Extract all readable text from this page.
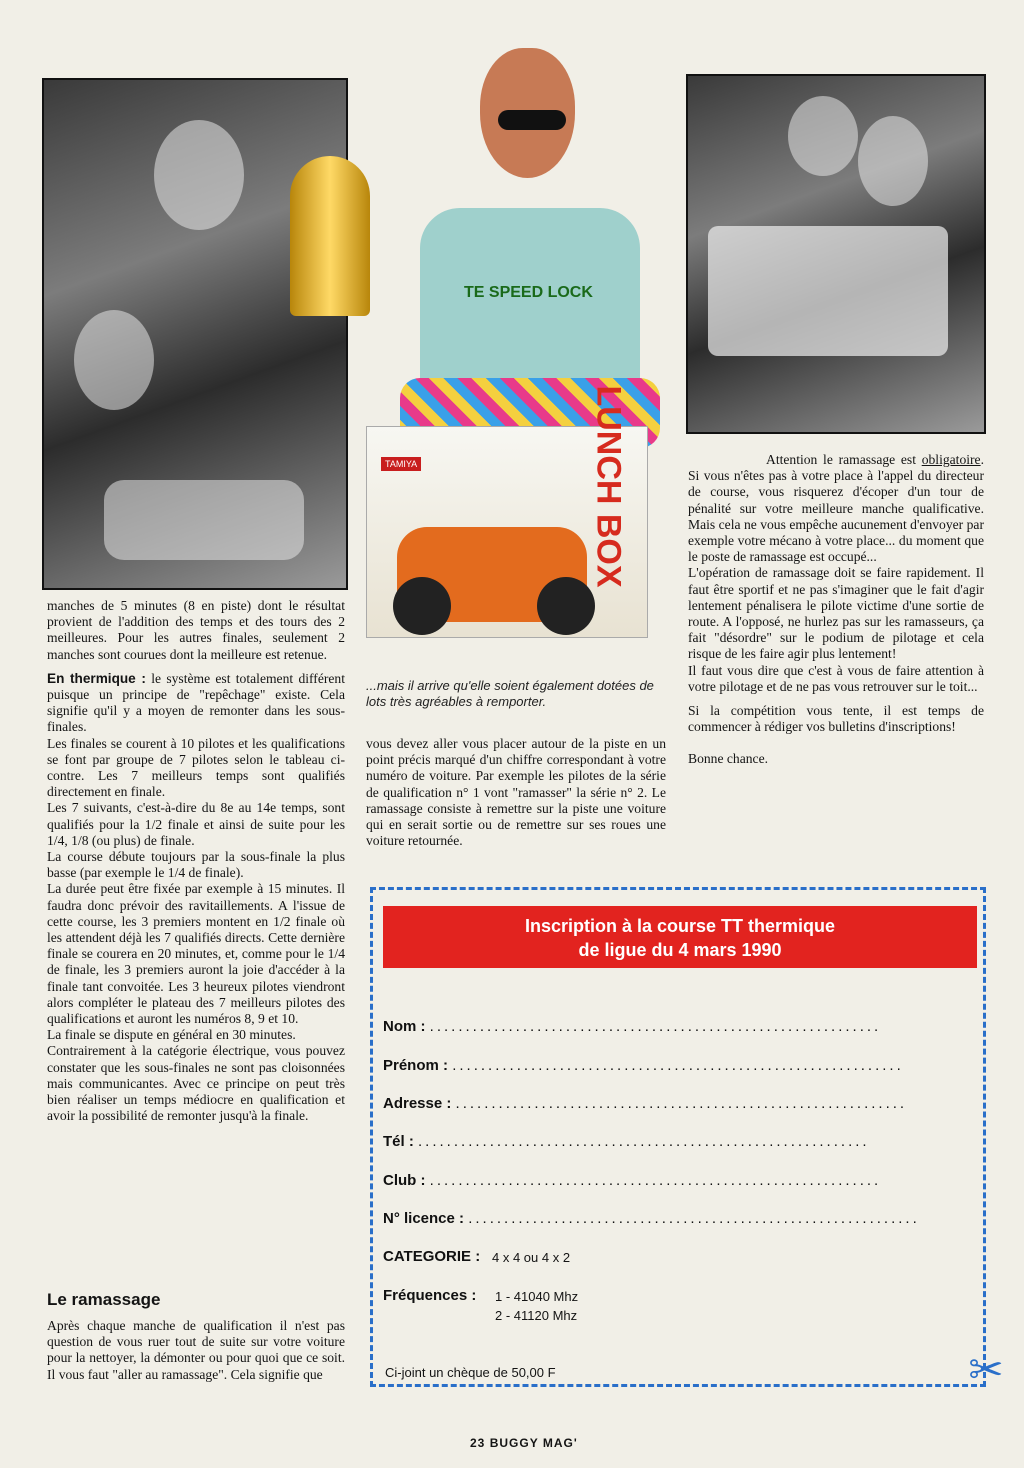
TE SPEED LOCK
TAMIYA	LUNCH BOX
...mais il arrive qu'elle soient également dotées de lots très agréables à remporter.

manches de 5 minutes (8 en piste) dont le résultat provient de l'addition des temps et des tours des 2 meilleures. Pour les autres finales, seulement 2 manches sont courues dont la meilleure est retenue.

En thermique : le système est totalement différent puisque un principe de "repêchage" existe. Cela signifie qu'il y a moyen de remonter dans les sous-finales.

Les finales se courent à 10 pilotes et les qualifications se font par groupe de 7 pilotes selon le tableau ci-contre. Les 7 meilleurs temps sont qualifiés directement en finale.

Les 7 suivants, c'est-à-dire du 8e au 14e temps, sont qualifiés pour la 1/2 finale et ainsi de suite pour les 1/4, 1/8 (ou plus) de finale.

La course débute toujours par la sous-finale la plus basse (par exemple le 1/4 de finale).

La durée peut être fixée par exemple à 15 minutes. Il faudra donc prévoir des ravitaillements. A l'issue de cette course, les 3 premiers montent en 1/2 finale où les attendent déjà les 7 qualifiés directs. Cette dernière finale se courera en 20 minutes, et, comme pour le 1/4 de finale, les 3 premiers auront la joie d'accéder à la finale tant convoitée. Les 3 heureux pilotes viendront alors compléter le plateau des 7 meilleurs pilotes des qualifications et auront les numéros 8, 9 et 10.

La finale se dispute en général en 30 minutes.

Contrairement à la catégorie électrique, vous pouvez constater que les sous-finales ne sont pas cloisonnées mais communicantes. Avec ce principe on peut très bien réaliser un temps médiocre en qualification et avoir la possibilité de remonter jusqu'à la finale.

Le ramassage

Après chaque manche de qualification il n'est pas question de vous ruer tout de suite sur votre voiture pour la nettoyer, la démonter ou pour quoi que ce soit. Il vous faut "aller au ramassage". Cela signifie que

vous devez aller vous placer autour de la piste en un point précis marqué d'un chiffre correspondant à votre numéro de voiture. Par exemple les pilotes de la série de qualification n° 1 vont "ramasser" la série n° 2. Le ramassage consiste à remettre sur la piste une voiture qui en serait sortie ou de remettre sur ses roues une voiture retournée.

Attention le ramassage est obligatoire. Si vous n'êtes pas à votre place à l'appel du directeur de course, vous risquerez d'écoper d'un tour de pénalité sur votre meilleure manche qualificative. Mais cela ne vous empêche aucunement d'envoyer par exemple votre mécano à votre place... du moment que le poste de ramassage est occupé...

L'opération de ramassage doit se faire rapidement. Il faut être sportif et ne pas s'imaginer que le fait d'agir lentement pénalisera le pilote victime d'une sortie de route. A l'opposé, ne hurlez pas sur les ramasseurs, ça fait "désordre" sur le podium de pilotage et cela risque de les faire agir plus lentement!

Il faut vous dire que c'est à vous de faire attention à votre pilotage et de ne pas vous retrouver sur le toit...

Si la compétition vous tente, il est temps de commencer à rédiger vos bulletins d'inscriptions!

Bonne chance.

Inscription à la course TT thermique
de ligue du 4 mars 1990
Nom : ...............................................................
Prénom : ...............................................................
Adresse : ...............................................................
Tél : ...............................................................
Club : ...............................................................
N° licence : ...............................................................
CATEGORIE : 4 x 4 ou 4 x 2
Fréquences :	1 - 41040 Mhz
2 - 41120 Mhz
Ci-joint un chèque de 50,00 F	✂
23 BUGGY MAG'
